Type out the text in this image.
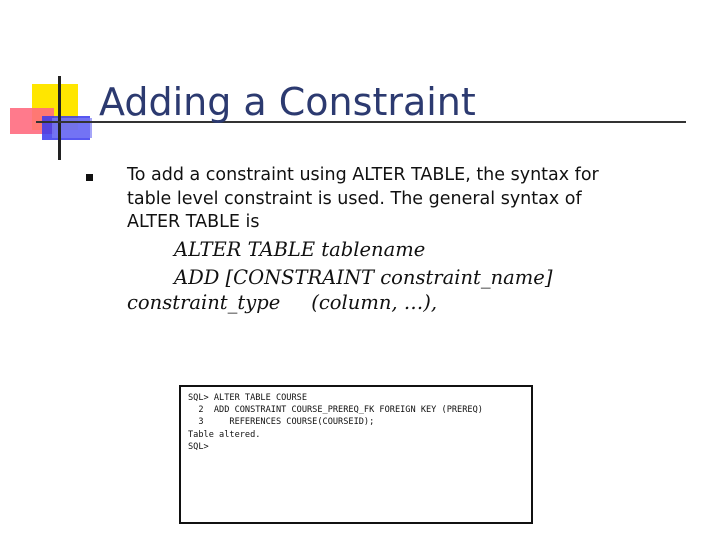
Adding a Constraint

To add a constraint using ALTER TABLE, the syntax for table level constraint is used. The general syntax of ALTER TABLE is

ALTER TABLE tablename
ADD [CONSTRAINT constraint_name]
constraint_type     (column, …),
SQL> ALTER TABLE COURSE
2  ADD CONSTRAINT COURSE_PREREQ_FK FOREIGN KEY (PREREQ)
3     REFERENCES COURSE(COURSEID);
Table altered.
SQL>
